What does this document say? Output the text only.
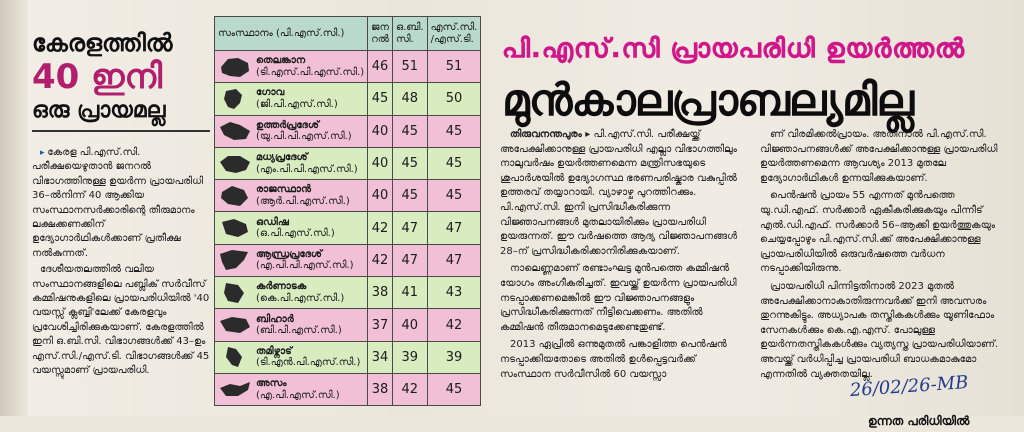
കേരളത്തിൽ
40 ഇനി
ഒരു പ്രായമല്ല

▸ കേരള പി.എസ്.സി. പരീക്ഷയെഴുതാൻ ജനറൽ വിഭാഗത്തിനുള്ള ഉയർന്ന പ്രായപരിധി 36–ൽനിന്ന് 40 ആക്കിയ സംസ്ഥാനസർക്കാരിന്റെ തീരുമാനം ലക്ഷക്കണക്കിന് ഉദ്യോഗാർഥികൾക്കാണ് പ്രതീക്ഷ നൽകുന്നത്.

ദേശീയതലത്തിൽ വലിയ സംസ്ഥാനങ്ങളിലെ പബ്ലിക് സർവീസ് കമ്മിഷനുകളിലെ പ്രായപരിധിയിൽ '40 വയസ്സ് ക്ലബ്ബി'ലേക്ക് കേരളവും പ്രവേശിച്ചിരിക്കുകയാണ്. കേരളത്തിൽ ഇനി ഒ.ബി.സി. വിഭാഗങ്ങൾക്ക് 43–ഉം എസ്.സി./എസ്.ടി. വിഭാഗങ്ങൾക്ക് 45 വയസ്സുമാണ് പ്രായപരിധി.

സംസ്ഥാനം (പി.എസ്.സി.)	ജന റൽ	ഒ.ബി. സി.	എസ്.സി. /എസ്.ടി.

തെലങ്കാന
(ടി.എസ്.പി.എസ്.സി.)	46	51	51

ഗോവ
(ജി.പി.എസ്.സി.)	45	48	50

ഉത്തർപ്രദേശ്
(യു.പി.പി.എസ്.സി.)	40	45	45

മധ്യപ്രദേശ്
(എം.പി.പി.എസ്.സി.)	40	45	45

രാജസ്ഥാൻ
(ആർ.പി.എസ്.സി.)	40	45	45

ഒഡിഷ
(ഒ.പി.എസ്.സി.)	42	47	47

ആന്ധ്രപ്രദേശ്
(എ.പി.പി.എസ്.സി.)	42	47	47

കർണാടക
(കെ.പി.എസ്.സി.)	38	41	43

ബിഹാർ
(ബി.പി.എസ്.സി.)	37	40	42

തമിഴ്നാട്
(ടി.എൻ.പി.എസ്.സി.)	34	39	39

അസം
(എ.പി.എസ്.സി.)	38	42	45
പി.എസ്.സി പ്രായപരിധി ഉയർത്തൽ
മുൻകാലപ്രാബല്യമില്ല

തിരുവനന്തപുരം ▸ പി.എസ്.സി. പരീക്ഷയ്ക്ക് അപേക്ഷിക്കാനുള്ള പ്രായപരിധി എല്ലാ വിഭാഗത്തിലും നാലുവർഷം ഉയർത്തണമെന്ന മന്ത്രിസഭയുടെ ശുപാർശയിൽ ഉദ്യോഗസ്ഥ ഭരണപരിഷ്കാര വകുപ്പിൽ ഉത്തരവ് തയ്യാറായി. വ്യാഴാഴ്ച പുറത്തിറക്കും. പി.എസ്.സി. ഇനി പ്രസിദ്ധീകരിക്കുന്ന വിജ്ഞാപനങ്ങൾ മുതലായിരിക്കും പ്രായപരിധി ഉയരുന്നത്. ഈ വർഷത്തെ ആദ്യ വിജ്ഞാപനങ്ങൾ 28–ന് പ്രസിദ്ധീകരിക്കാനിരിക്കുകയാണ്.

നാലെണ്ണമാണ് രണ്ടാംഘട്ട മുൻപത്തെ കമ്മിഷൻ യോഗം അംഗീകരിച്ചത്. ഇവയ്ക്ക് ഉയർന്ന പ്രായപരിധി നടപ്പാക്കണമെങ്കിൽ ഈ വിജ്ഞാപനങ്ങളും പ്രസിദ്ധീകരിക്കുന്നത് നീട്ടിവെക്കണം. അതിൽ കമ്മിഷൻ തീരുമാനമെടുക്കേണ്ടതുണ്ട്.

2013 ഏപ്രിൽ ഒന്നുമുതൽ പങ്കാളിത്ത പെൻഷൻ നടപ്പാക്കിയതോടെ അതിൽ ഉൾപ്പെട്ടവർക്ക് സംസ്ഥാന സർവീസിൽ 60 വയസ്സാ

ണ് വിരമിക്കൽപ്രായം. അതിനാൽ പി.എസ്.സി. വിജ്ഞാപനങ്ങൾക്ക് അപേക്ഷിക്കാനുള്ള പ്രായപരിധി ഉയർത്തണമെന്ന ആവശ്യം 2013 മുതലേ ഉദ്യോഗാർഥികൾ ഉന്നയിക്കുകയാണ്.

പെൻഷൻ പ്രായം 55 എന്നത് മുൻപത്തെ യു.ഡി.എഫ്. സർക്കാർ ഏകീകരിക്കുകയും പിന്നീട് എൽ.ഡി.എഫ്. സർക്കാർ 56–ആക്കി ഉയർത്തുകയും ചെയ്യപ്പോഴും പി.എസ്.സി.ക്ക് അപേക്ഷിക്കാനുള്ള പ്രായപരിധിയിൽ ഒരുവർഷത്തെ വർധന നടപ്പാക്കിയിരുന്നു.

പ്രായപരിധി പിന്നിട്ടതിനാൽ 2023 മുതൽ അപേക്ഷിക്കാനാകാതിരുന്നവർക്ക് ഇനി അവസരം തുറന്നുകിട്ടും. അധ്യാപക തസ്തികകൾക്കും യൂണിഫോം സേനകൾക്കും കെ.എ.എസ്. പോലുള്ള ഉയർന്നതസ്തികകൾക്കും വ്യത്യസ്ത പ്രായപരിധിയാണ്. അവയ്ക്ക് വർധിപ്പിച്ച പ്രായപരിധി ബാധകമാകുമോ എന്നതിൽ വ്യക്തതയില്ല.

26/02/26-MB
ഉന്നത പരിധിയിൽ
